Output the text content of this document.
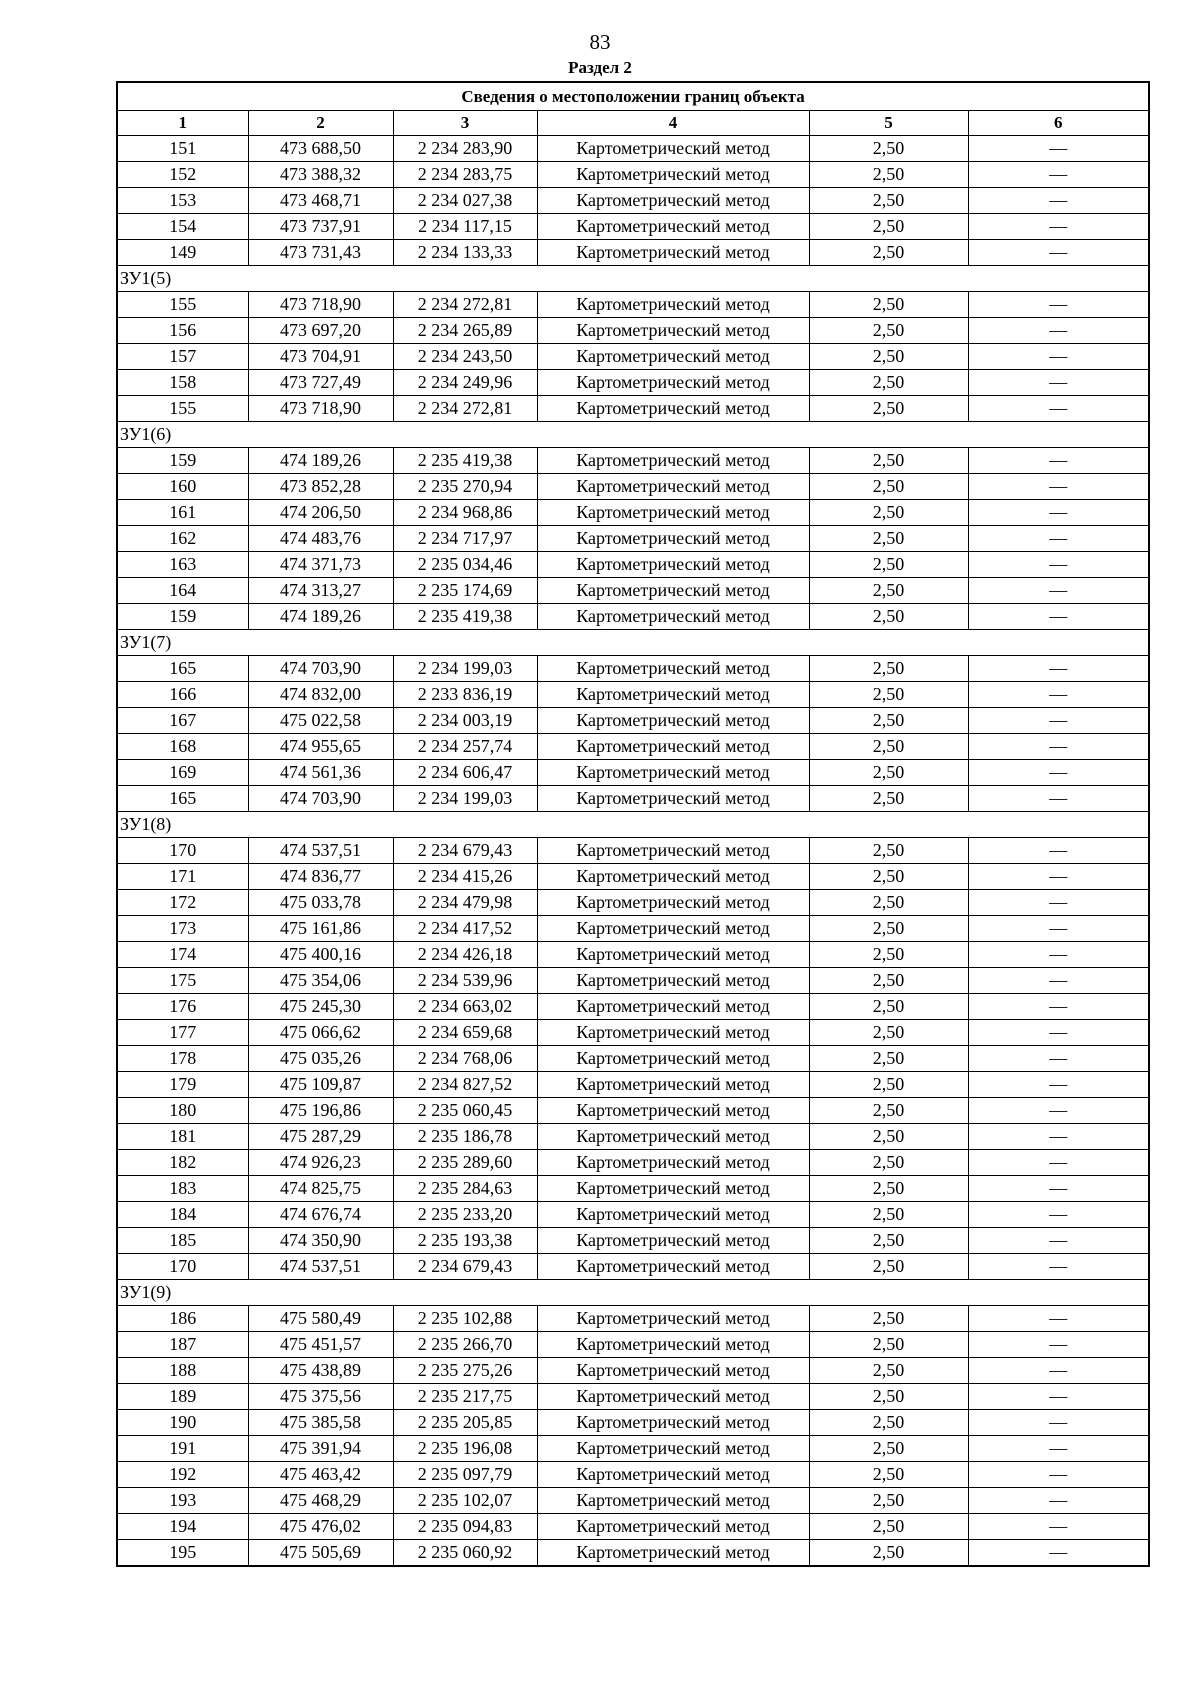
83
Раздел 2
Сведения о местоположении границ объекта					
1	2	3	4	5	6
151	473 688,50	2 234 283,90	Картометрический метод	2,50	—
152	473 388,32	2 234 283,75	Картометрический метод	2,50	—
153	473 468,71	2 234 027,38	Картометрический метод	2,50	—
154	473 737,91	2 234 117,15	Картометрический метод	2,50	—
149	473 731,43	2 234 133,33	Картометрический метод	2,50	—
ЗУ1(5)					
155	473 718,90	2 234 272,81	Картометрический метод	2,50	—
156	473 697,20	2 234 265,89	Картометрический метод	2,50	—
157	473 704,91	2 234 243,50	Картометрический метод	2,50	—
158	473 727,49	2 234 249,96	Картометрический метод	2,50	—
155	473 718,90	2 234 272,81	Картометрический метод	2,50	—
ЗУ1(6)					
159	474 189,26	2 235 419,38	Картометрический метод	2,50	—
160	473 852,28	2 235 270,94	Картометрический метод	2,50	—
161	474 206,50	2 234 968,86	Картометрический метод	2,50	—
162	474 483,76	2 234 717,97	Картометрический метод	2,50	—
163	474 371,73	2 235 034,46	Картометрический метод	2,50	—
164	474 313,27	2 235 174,69	Картометрический метод	2,50	—
159	474 189,26	2 235 419,38	Картометрический метод	2,50	—
ЗУ1(7)					
165	474 703,90	2 234 199,03	Картометрический метод	2,50	—
166	474 832,00	2 233 836,19	Картометрический метод	2,50	—
167	475 022,58	2 234 003,19	Картометрический метод	2,50	—
168	474 955,65	2 234 257,74	Картометрический метод	2,50	—
169	474 561,36	2 234 606,47	Картометрический метод	2,50	—
165	474 703,90	2 234 199,03	Картометрический метод	2,50	—
ЗУ1(8)					
170	474 537,51	2 234 679,43	Картометрический метод	2,50	—
171	474 836,77	2 234 415,26	Картометрический метод	2,50	—
172	475 033,78	2 234 479,98	Картометрический метод	2,50	—
173	475 161,86	2 234 417,52	Картометрический метод	2,50	—
174	475 400,16	2 234 426,18	Картометрический метод	2,50	—
175	475 354,06	2 234 539,96	Картометрический метод	2,50	—
176	475 245,30	2 234 663,02	Картометрический метод	2,50	—
177	475 066,62	2 234 659,68	Картометрический метод	2,50	—
178	475 035,26	2 234 768,06	Картометрический метод	2,50	—
179	475 109,87	2 234 827,52	Картометрический метод	2,50	—
180	475 196,86	2 235 060,45	Картометрический метод	2,50	—
181	475 287,29	2 235 186,78	Картометрический метод	2,50	—
182	474 926,23	2 235 289,60	Картометрический метод	2,50	—
183	474 825,75	2 235 284,63	Картометрический метод	2,50	—
184	474 676,74	2 235 233,20	Картометрический метод	2,50	—
185	474 350,90	2 235 193,38	Картометрический метод	2,50	—
170	474 537,51	2 234 679,43	Картометрический метод	2,50	—
ЗУ1(9)					
186	475 580,49	2 235 102,88	Картометрический метод	2,50	—
187	475 451,57	2 235 266,70	Картометрический метод	2,50	—
188	475 438,89	2 235 275,26	Картометрический метод	2,50	—
189	475 375,56	2 235 217,75	Картометрический метод	2,50	—
190	475 385,58	2 235 205,85	Картометрический метод	2,50	—
191	475 391,94	2 235 196,08	Картометрический метод	2,50	—
192	475 463,42	2 235 097,79	Картометрический метод	2,50	—
193	475 468,29	2 235 102,07	Картометрический метод	2,50	—
194	475 476,02	2 235 094,83	Картометрический метод	2,50	—
195	475 505,69	2 235 060,92	Картометрический метод	2,50	—
